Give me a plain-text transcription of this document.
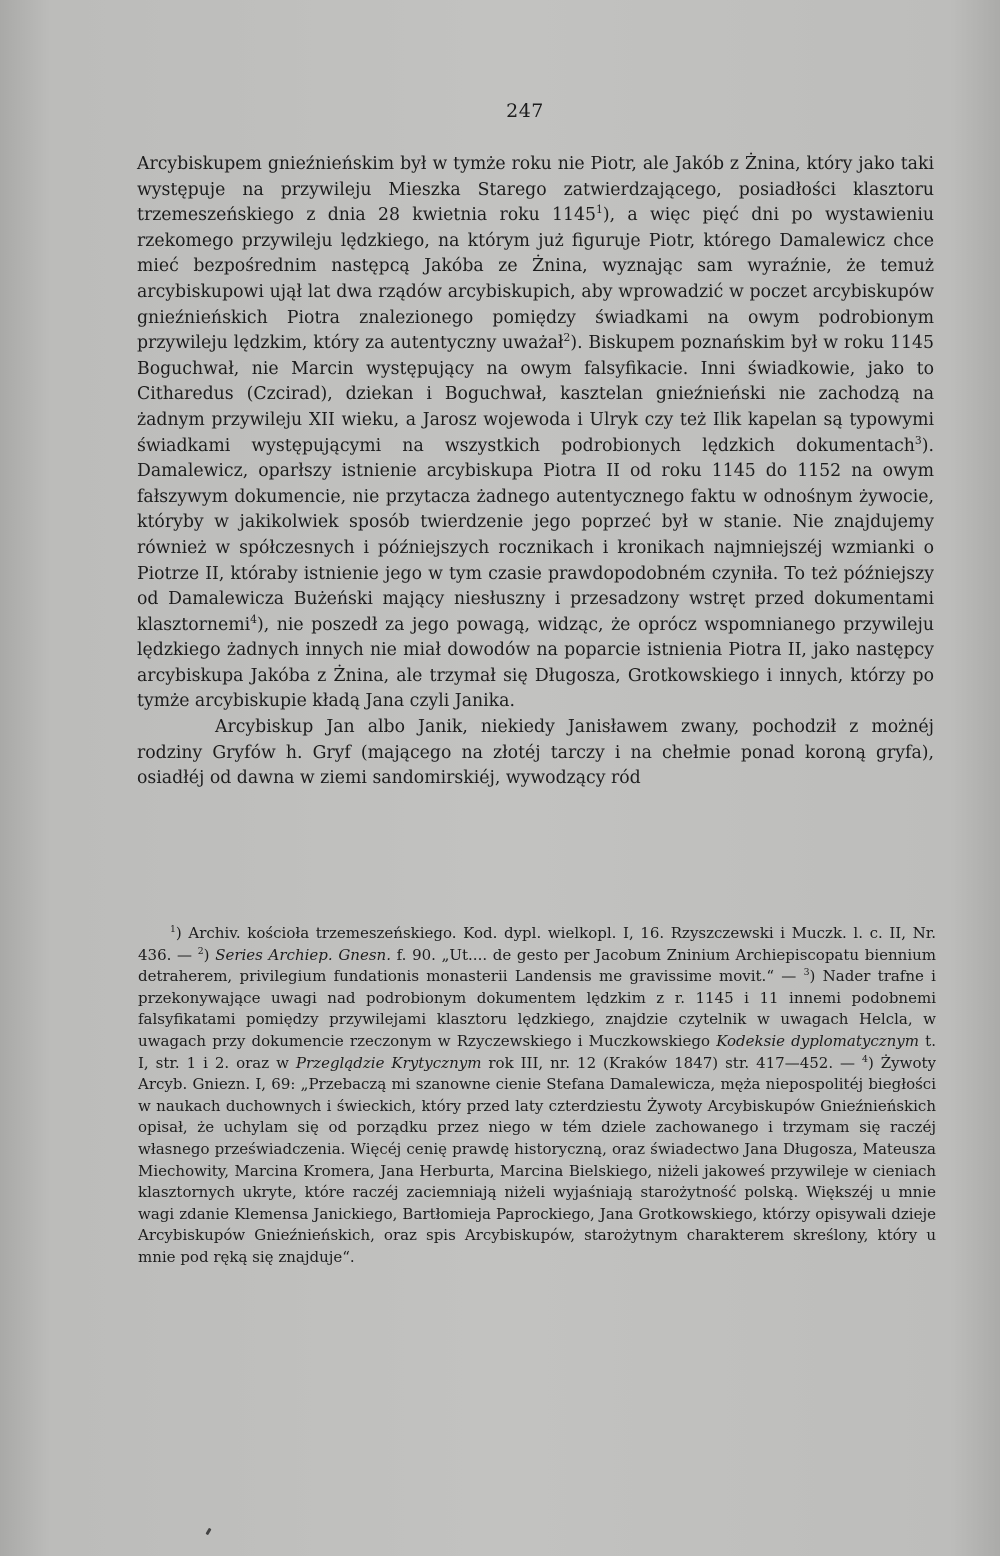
247

Arcybiskupem gnieźnieńskim był w tymże roku nie Piotr, ale Jakób z Żnina, który jako taki występuje na przywileju Mieszka Starego zatwierdzającego, posiadłości klasztoru trzemeszeńskiego z dnia 28 kwietnia roku 1145$^1$), a więc pięć dni po wystawieniu rzekomego przywileju lędzkiego, na którym już figuruje Piotr, którego Damalewicz chce mieć bezpośrednim następcą Jakóba ze Żnina, wyznając sam wyraźnie, że temuż arcybiskupowi ujął lat dwa rządów arcybiskupich, aby wprowadzić w poczet arcybiskupów gnieźnieńskich Piotra znalezionego pomiędzy świadkami na owym podrobionym przywileju lędzkim, który za autentyczny uważał$^2$). Biskupem poznańskim był w roku 1145 Boguchwał, nie Marcin występujący na owym falsyfikacie. Inni świadkowie, jako to Citharedus (Czcirad), dziekan i Boguchwał, kasztelan gnieźnieński nie zachodzą na żadnym przywileju XII wieku, a Jarosz wojewoda i Ulryk czy też Ilik kapelan są typowymi świadkami występującymi na wszystkich podrobionych lędzkich dokumentach$^3$). Damalewicz, oparłszy istnienie arcybiskupa Piotra II od roku 1145 do 1152 na owym fałszywym dokumencie, nie przytacza żadnego autentycznego faktu w odnośnym żywocie, któryby w jakikolwiek sposób twierdzenie jego poprzeć był w stanie. Nie znajdujemy również w spółczesnych i późniejszych rocznikach i kronikach najmniejszéj wzmianki o Piotrze II, któraby istnienie jego w tym czasie prawdopodobném czyniła. To też późniejszy od Damalewicza Bużeński mający niesłuszny i przesadzony wstręt przed dokumentami klasztornemi$^4$), nie poszedł za jego powagą, widząc, że oprócz wspomnianego przywileju lędzkiego żadnych innych nie miał dowodów na poparcie istnienia Piotra II, jako następcy arcybiskupa Jakóba z Żnina, ale trzymał się Długosza, Grotkowskiego i innych, którzy po tymże arcybiskupie kładą Jana czyli Janika.

Arcybiskup Jan albo Janik, niekiedy Janisławem zwany, pochodził z możnéj rodziny Gryfów h. Gryf (mającego na złotéj tarczy i na chełmie ponad koroną gryfa), osiadłéj od dawna w ziemi sandomirskiéj, wywodzący ród

$^1$) Archiv. kościoła trzemeszeńskiego. Kod. dypl. wielkopl. I, 16. Rzyszczewski i Muczk. l. c. II, Nr. 436. — $^2$) Series Archiep. Gnesn. f. 90. „Ut.... de gesto per Jacobum Zninium Archiepiscopatu biennium detraherem, privilegium fundationis monasterii Landensis me gravissime movit.“ — $^3$) Nader trafne i przekonywające uwagi nad podrobionym dokumentem lędzkim z r. 1145 i 11 innemi podobnemi falsyfikatami pomiędzy przywilejami klasztoru lędzkiego, znajdzie czytelnik w uwagach Helcla, w uwagach przy dokumencie rzeczonym w Rzyczewskiego i Muczkowskiego Kodeksie dyplomatycznym t. I, str. 1 i 2. oraz w Przeglądzie Krytycznym rok III, nr. 12 (Kraków 1847) str. 417—452. — $^4$) Żywoty Arcyb. Gniezn. I, 69: „Przebaczą mi szanowne cienie Stefana Damalewicza, męża niepospolitéj biegłości w naukach duchownych i świeckich, który przed laty czterdziestu Żywoty Arcybiskupów Gnieźnieńskich opisał, że uchylam się od porządku przez niego w tém dziele zachowanego i trzymam się raczéj własnego przeświadczenia. Więcéj cenię prawdę historyczną, oraz świadectwo Jana Długosza, Mateusza Miechowity, Marcina Kromera, Jana Herburta, Marcina Bielskiego, niżeli jakoweś przywileje w cieniach klasztornych ukryte, które raczéj zaciemniają niżeli wyjaśniają starożytność polską. Większéj u mnie wagi zdanie Klemensa Janickiego, Bartłomieja Paprockiego, Jana Grotkowskiego, którzy opisywali dzieje Arcybiskupów Gnieźnieńskich, oraz spis Arcybiskupów, starożytnym charakterem skreślony, który u mnie pod ręką się znajduje“.
